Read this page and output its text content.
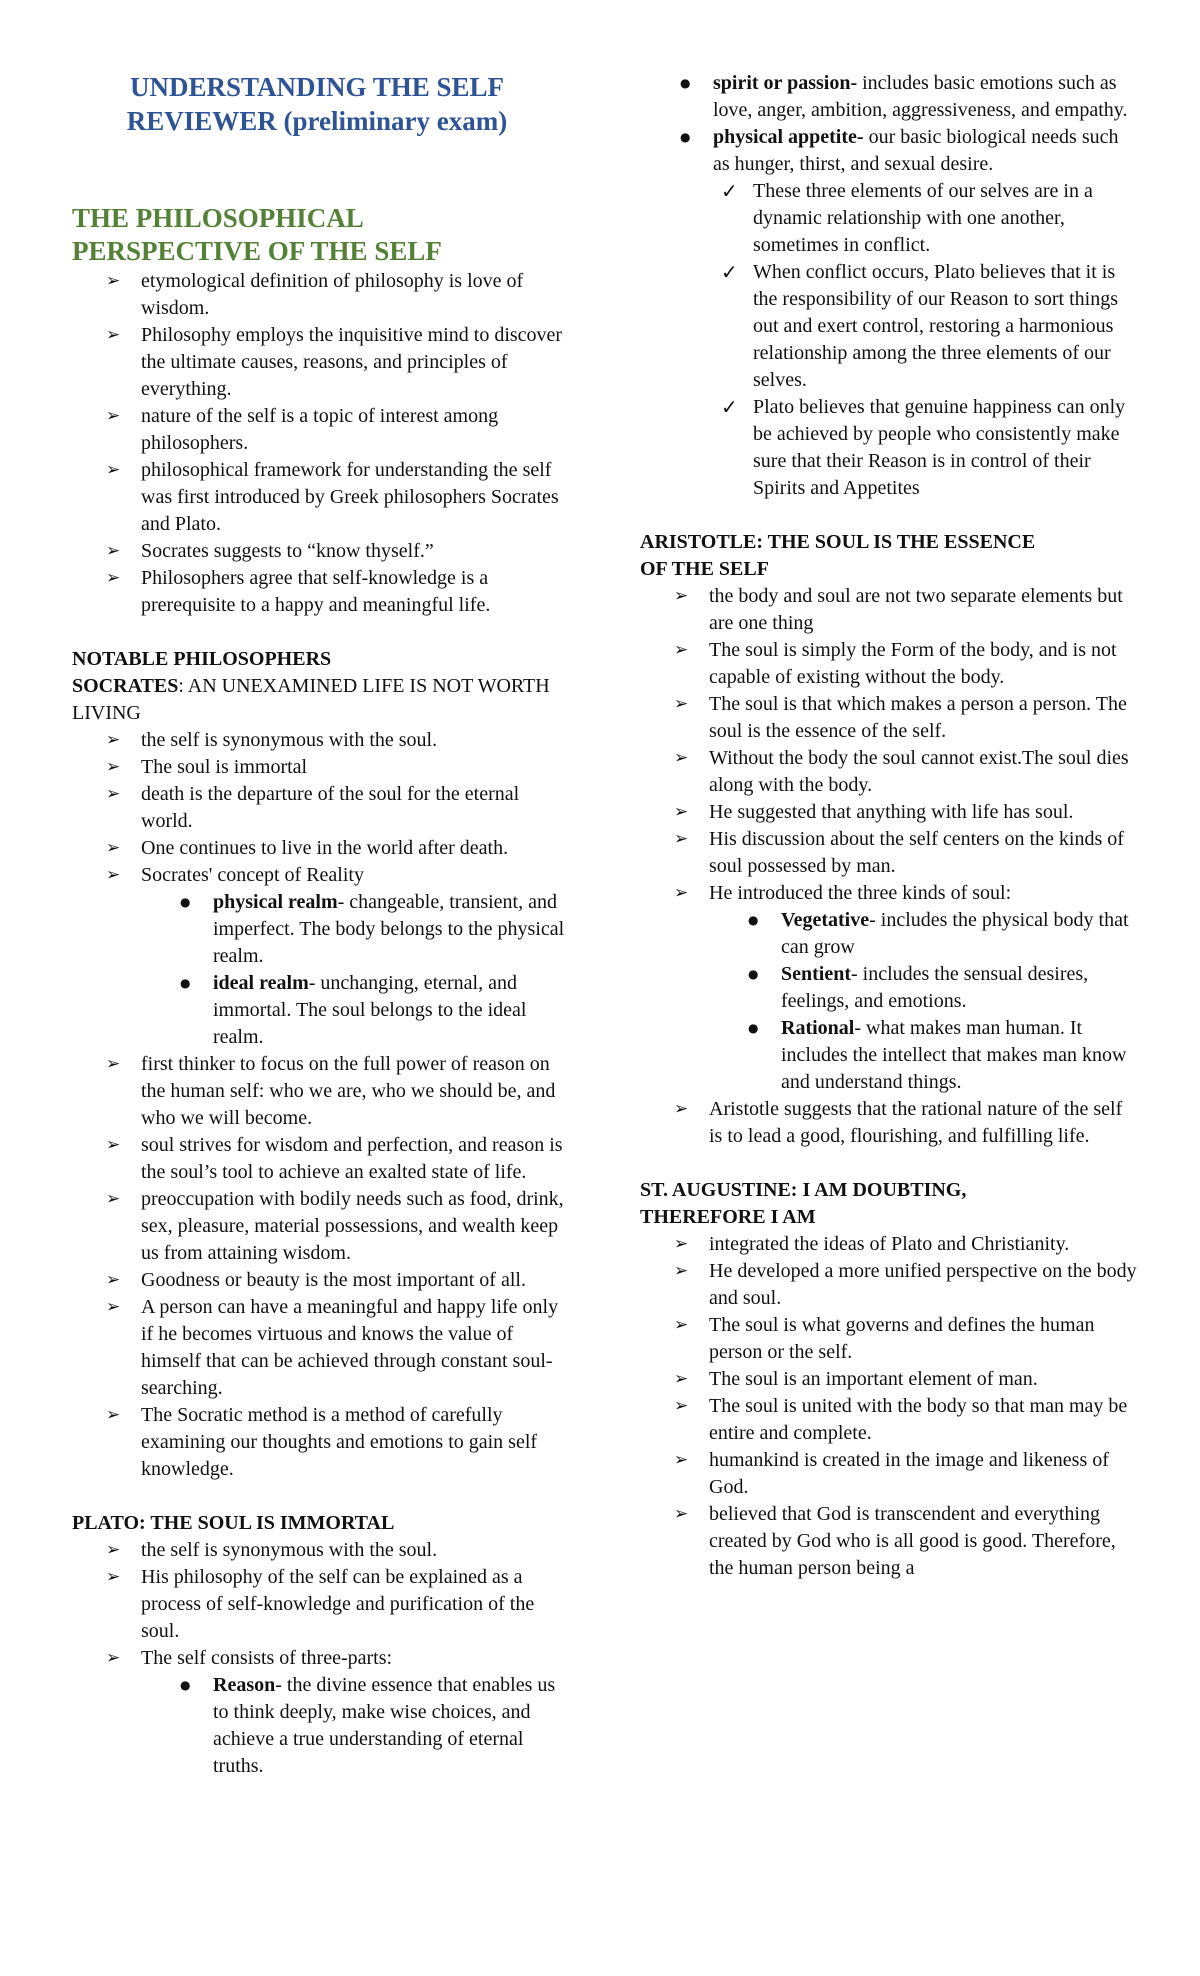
UNDERSTANDING THE SELF
REVIEWER (preliminary exam)
THE PHILOSOPHICAL
PERSPECTIVE OF THE SELF
➢ etymological definition of philosophy is love of wisdom.
➢ Philosophy employs the inquisitive mind to discover the ultimate causes, reasons, and principles of everything.
➢ nature of the self is a topic of interest among philosophers.
➢ philosophical framework for understanding the self was first introduced by Greek philosophers Socrates and Plato.
➢ Socrates suggests to “know thyself.”
➢ Philosophers agree that self-knowledge is a prerequisite to a happy and meaningful life.
NOTABLE PHILOSOPHERS
SOCRATES: AN UNEXAMINED LIFE IS NOT WORTH LIVING
➢ the self is synonymous with the soul.
➢ The soul is immortal
➢ death is the departure of the soul for the eternal world.
➢ One continues to live in the world after death.
➢ Socrates' concept of Reality
● physical realm- changeable, transient, and imperfect. The body belongs to the physical realm.
● ideal realm- unchanging, eternal, and immortal. The soul belongs to the ideal realm.
➢ first thinker to focus on the full power of reason on the human self: who we are, who we should be, and who we will become.
➢ soul strives for wisdom and perfection, and reason is the soul’s tool to achieve an exalted state of life.
➢ preoccupation with bodily needs such as food, drink, sex, pleasure, material possessions, and wealth keep us from attaining wisdom.
➢ Goodness or beauty is the most important of all.
➢ A person can have a meaningful and happy life only if he becomes virtuous and knows the value of himself that can be achieved through constant soul-searching.
➢ The Socratic method is a method of carefully examining our thoughts and emotions to gain self knowledge.
PLATO: THE SOUL IS IMMORTAL
➢ the self is synonymous with the soul.
➢ His philosophy of the self can be explained as a process of self-knowledge and purification of the soul.
➢ The self consists of three-parts:
● Reason- the divine essence that enables us to think deeply, make wise choices, and achieve a true understanding of eternal truths.
● spirit or passion- includes basic emotions such as love, anger, ambition, aggressiveness, and empathy.
● physical appetite- our basic biological needs such as hunger, thirst, and sexual desire.
✓ These three elements of our selves are in a dynamic relationship with one another, sometimes in conflict.
✓ When conflict occurs, Plato believes that it is the responsibility of our Reason to sort things out and exert control, restoring a harmonious relationship among the three elements of our selves.
✓ Plato believes that genuine happiness can only be achieved by people who consistently make sure that their Reason is in control of their Spirits and Appetites
ARISTOTLE: THE SOUL IS THE ESSENCE
OF THE SELF
➢ the body and soul are not two separate elements but are one thing
➢ The soul is simply the Form of the body, and is not capable of existing without the body.
➢ The soul is that which makes a person a person. The soul is the essence of the self.
➢ Without the body the soul cannot exist.The soul dies along with the body.
➢ He suggested that anything with life has soul.
➢ His discussion about the self centers on the kinds of soul possessed by man.
➢ He introduced the three kinds of soul:
● Vegetative- includes the physical body that can grow
● Sentient- includes the sensual desires, feelings, and emotions.
● Rational- what makes man human. It includes the intellect that makes man know and understand things.
➢ Aristotle suggests that the rational nature of the self is to lead a good, flourishing, and fulfilling life.
ST. AUGUSTINE: I AM DOUBTING,
THEREFORE I AM
➢ integrated the ideas of Plato and Christianity.
➢ He developed a more unified perspective on the body and soul.
➢ The soul is what governs and defines the human person or the self.
➢ The soul is an important element of man.
➢ The soul is united with the body so that man may be entire and complete.
➢ humankind is created in the image and likeness of God.
➢ believed that God is transcendent and everything created by God who is all good is good. Therefore, the human person being a
